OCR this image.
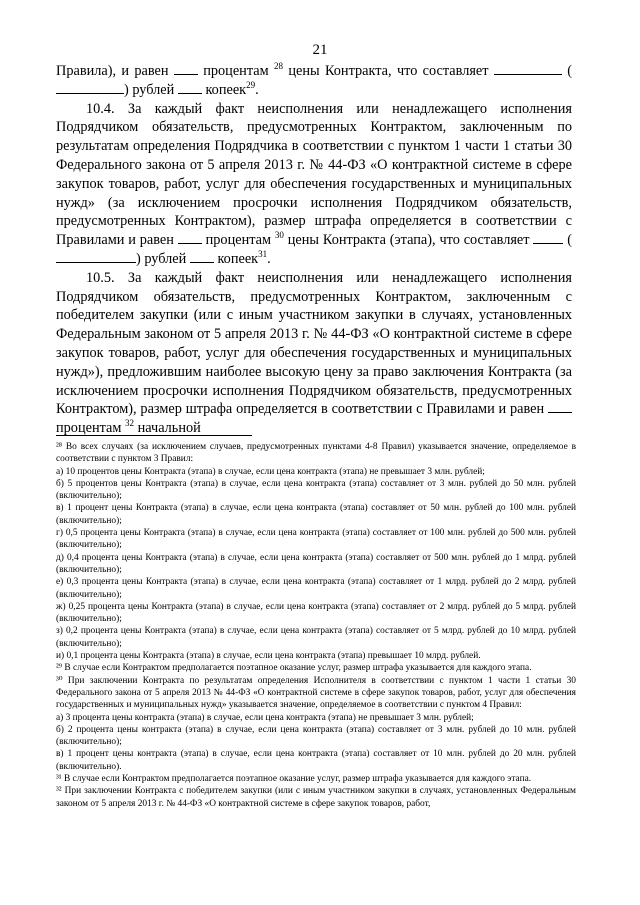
21

Правила), и равен  процентам $^{28}$ цены Контракта, что составляет	() рублей  копеек$^{29}$.

10.4. За каждый факт неисполнения или ненадлежащего исполнения Подрядчиком обязательств, предусмотренных Контрактом, заключенным по результатам определения Подрядчика в соответствии с пунктом 1 части 1 статьи 30 Федерального закона от 5 апреля 2013 г. № 44-ФЗ «О контрактной системе в сфере закупок товаров, работ, услуг для обеспечения государственных и муниципальных нужд» (за исключением просрочки исполнения Подрядчиком обязательств, предусмотренных Контрактом), размер штрафа определяется в соответствии с Правилами и равен  процентам $^{30}$ цены Контракта (этапа), что составляет  () рублей  копеек$^{31}$.

10.5. За каждый факт неисполнения или ненадлежащего исполнения Подрядчиком обязательств, предусмотренных Контрактом, заключенным с победителем закупки (или с иным участником закупки в случаях, установленных Федеральным законом от 5 апреля 2013 г. № 44-ФЗ «О контрактной системе в сфере закупок товаров, работ, услуг для обеспечения государственных и муниципальных нужд»), предложившим наиболее высокую цену за право заключения Контракта (за исключением просрочки исполнения Подрядчиком обязательств, предусмотренных Контрактом), размер штрафа определяется в соответствии с Правилами и равен  процентам $^{32}$ начальной

²⁸ Во всех случаях (за исключением случаев, предусмотренных пунктами 4-8 Правил) указывается значение, определяемое в соответствии с пунктом 3 Правил:

а) 10 процентов цены Контракта (этапа) в случае, если цена контракта (этапа) не превышает 3 млн. рублей;

б) 5 процентов цены Контракта (этапа) в случае, если цена контракта (этапа) составляет от 3 млн. рублей до 50 млн. рублей (включительно);

в) 1 процент цены Контракта (этапа) в случае, если цена контракта (этапа) составляет от 50 млн. рублей до 100 млн. рублей (включительно);

г) 0,5 процента цены Контракта (этапа) в случае, если цена контракта (этапа) составляет от 100 млн. рублей до 500 млн. рублей (включительно);

д) 0,4 процента цены Контракта (этапа) в случае, если цена контракта (этапа) составляет от 500 млн. рублей до 1 млрд. рублей (включительно);

е) 0,3 процента цены Контракта (этапа) в случае, если цена контракта (этапа) составляет от 1 млрд. рублей до 2 млрд. рублей (включительно);

ж) 0,25 процента цены Контракта (этапа) в случае, если цена контракта (этапа) составляет от 2 млрд. рублей до 5 млрд. рублей (включительно);

з) 0,2 процента цены Контракта (этапа) в случае, если цена контракта (этапа) составляет от 5 млрд. рублей до 10 млрд. рублей (включительно);

и) 0,1 процента цены Контракта (этапа) в случае, если цена контракта (этапа) превышает 10 млрд. рублей.

²⁹ В случае если Контрактом предполагается поэтапное оказание услуг, размер штрафа указывается для каждого этапа.

³⁰ При заключении Контракта по результатам определения Исполнителя в соответствии с пунктом 1 части 1 статьи 30 Федерального закона от 5 апреля 2013 № 44-ФЗ «О контрактной системе в сфере закупок товаров, работ, услуг для обеспечения государственных и муниципальных нужд» указывается значение, определяемое в соответствии с пунктом 4 Правил:

а) 3 процента цены контракта (этапа) в случае, если цена контракта (этапа) не превышает 3 млн. рублей;

б) 2 процента цены контракта (этапа) в случае, если цена контракта (этапа) составляет от 3 млн. рублей до 10 млн. рублей (включительно);

в) 1 процент цены контракта (этапа) в случае, если цена контракта (этапа) составляет от 10 млн. рублей до 20 млн. рублей (включительно).

³¹ В случае если Контрактом предполагается поэтапное оказание услуг, размер штрафа указывается для каждого этапа.

³² При заключении Контракта с победителем закупки (или с иным участником закупки в случаях, установленных Федеральным законом от 5 апреля 2013 г. № 44-ФЗ «О контрактной системе в сфере закупок товаров, работ,
